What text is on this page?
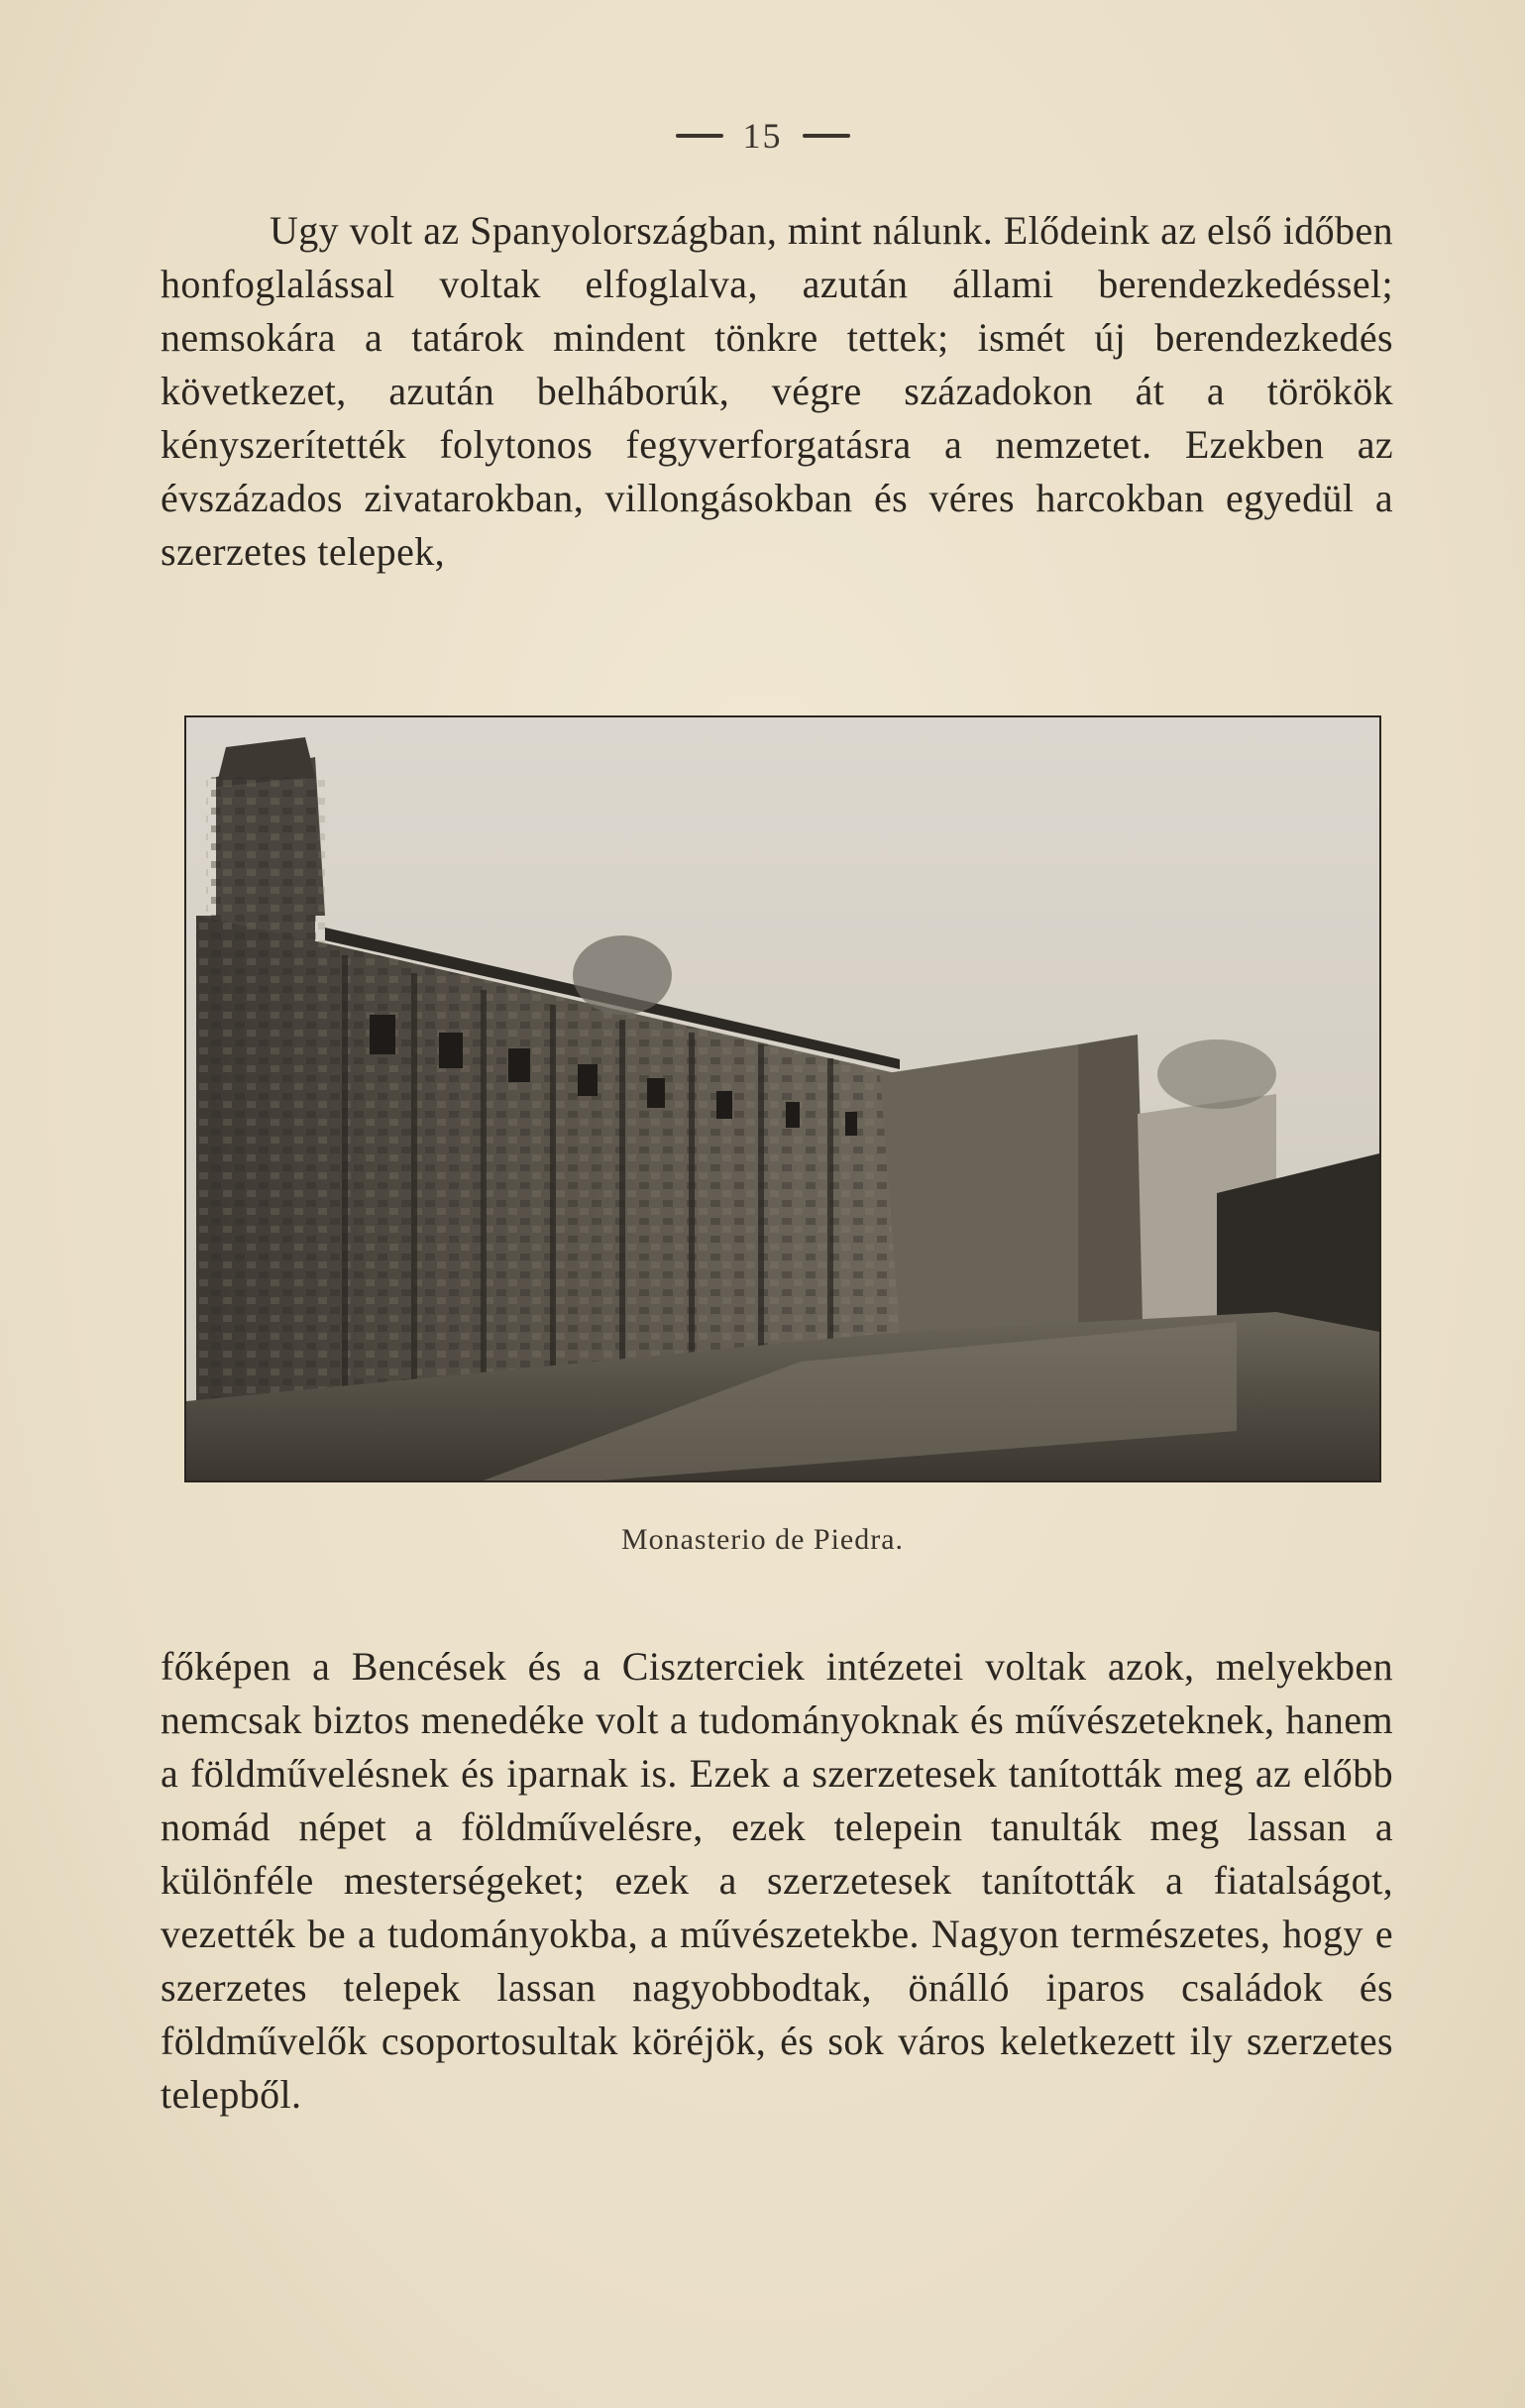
15

Ugy volt az Spanyolországban, mint nálunk. Elődeink az első időben honfoglalással voltak elfoglalva, azután állami berendezkedéssel; nemsokára a tatárok mindent tönkre tettek; ismét új berendezkedés következet, azután belháborúk, végre századokon át a törökök kényszerítették folytonos fegyverforgatásra a nemzetet. Ezekben az évszázados zivatarokban, villongásokban és véres harcokban egyedül a szerzetes telepek,

Monasterio de Piedra.

főképen a Bencések és a Ciszterciek intézetei voltak azok, melyekben nemcsak biztos menedéke volt a tudományoknak és művészeteknek, hanem a földművelésnek és iparnak is. Ezek a szerzetesek tanították meg az előbb nomád népet a földművelésre, ezek telepein tanulták meg lassan a különféle mesterségeket; ezek a szerzetesek tanították a fiatalságot, vezették be a tudományokba, a művészetekbe. Nagyon természetes, hogy e szerzetes telepek lassan nagyobbodtak, önálló iparos családok és földművelők csoportosultak köréjök, és sok város keletkezett ily szerzetes telepből.
